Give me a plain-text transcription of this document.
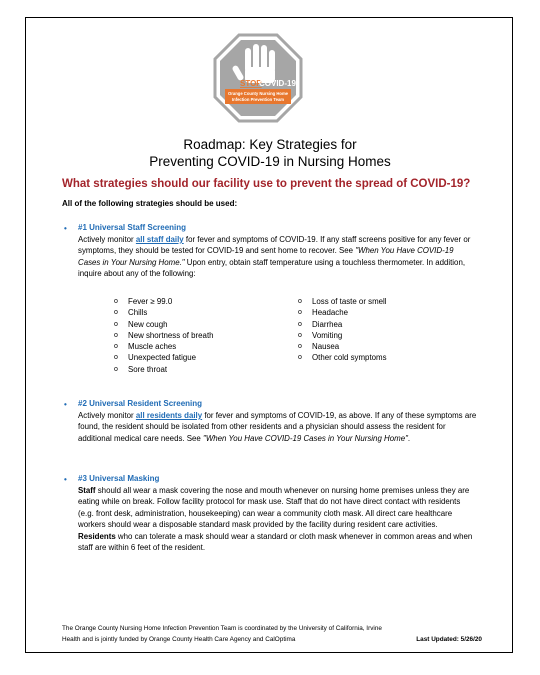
STOP
COVID-19
Orange County Nursing Home
Infection Prevention Team
Roadmap: Key Strategies for
Preventing COVID-19 in Nursing Homes
What strategies should our facility use to prevent the spread of COVID-19?
All of the following strategies should be used:
• #1 Universal Staff Screening

Actively monitor all staff daily for fever and symptoms of COVID-19. If any staff screens positive for any fever or symptoms, they should be tested for COVID-19 and sent home to recover. See "When You Have COVID-19 Cases in Your Nursing Home." Upon entry, obtain staff temperature using a touchless thermometer. In addition, inquire about any of the following:

o Fever ≥ 99.0
o Chills
o New cough
o New shortness of breath
o Muscle aches
o Unexpected fatigue
o Sore throat
o Loss of taste or smell
o Headache
o Diarrhea
o Vomiting
o Nausea
o Other cold symptoms
• #2 Universal Resident Screening

Actively monitor all residents daily for fever and symptoms of COVID-19, as above. If any of these symptoms are found, the resident should be isolated from other residents and a physician should assess the resident for additional medical care needs. See "When You Have COVID-19 Cases in Your Nursing Home".

• #3 Universal Masking

Staff should all wear a mask covering the nose and mouth whenever on nursing home premises unless they are eating while on break. Follow facility protocol for mask use. Staff that do not have direct contact with residents (e.g. front desk, administration, housekeeping) can wear a community cloth mask. All direct care healthcare workers should wear a disposable standard mask provided by the facility during resident care activities.

Residents who can tolerate a mask should wear a standard or cloth mask whenever in common areas and when staff are within 6 feet of the resident.

The Orange County Nursing Home Infection Prevention Team is coordinated by the University of California, Irvine
Health and is jointly funded by Orange County Health Care Agency and CalOptima	Last Updated: 5/26/20
